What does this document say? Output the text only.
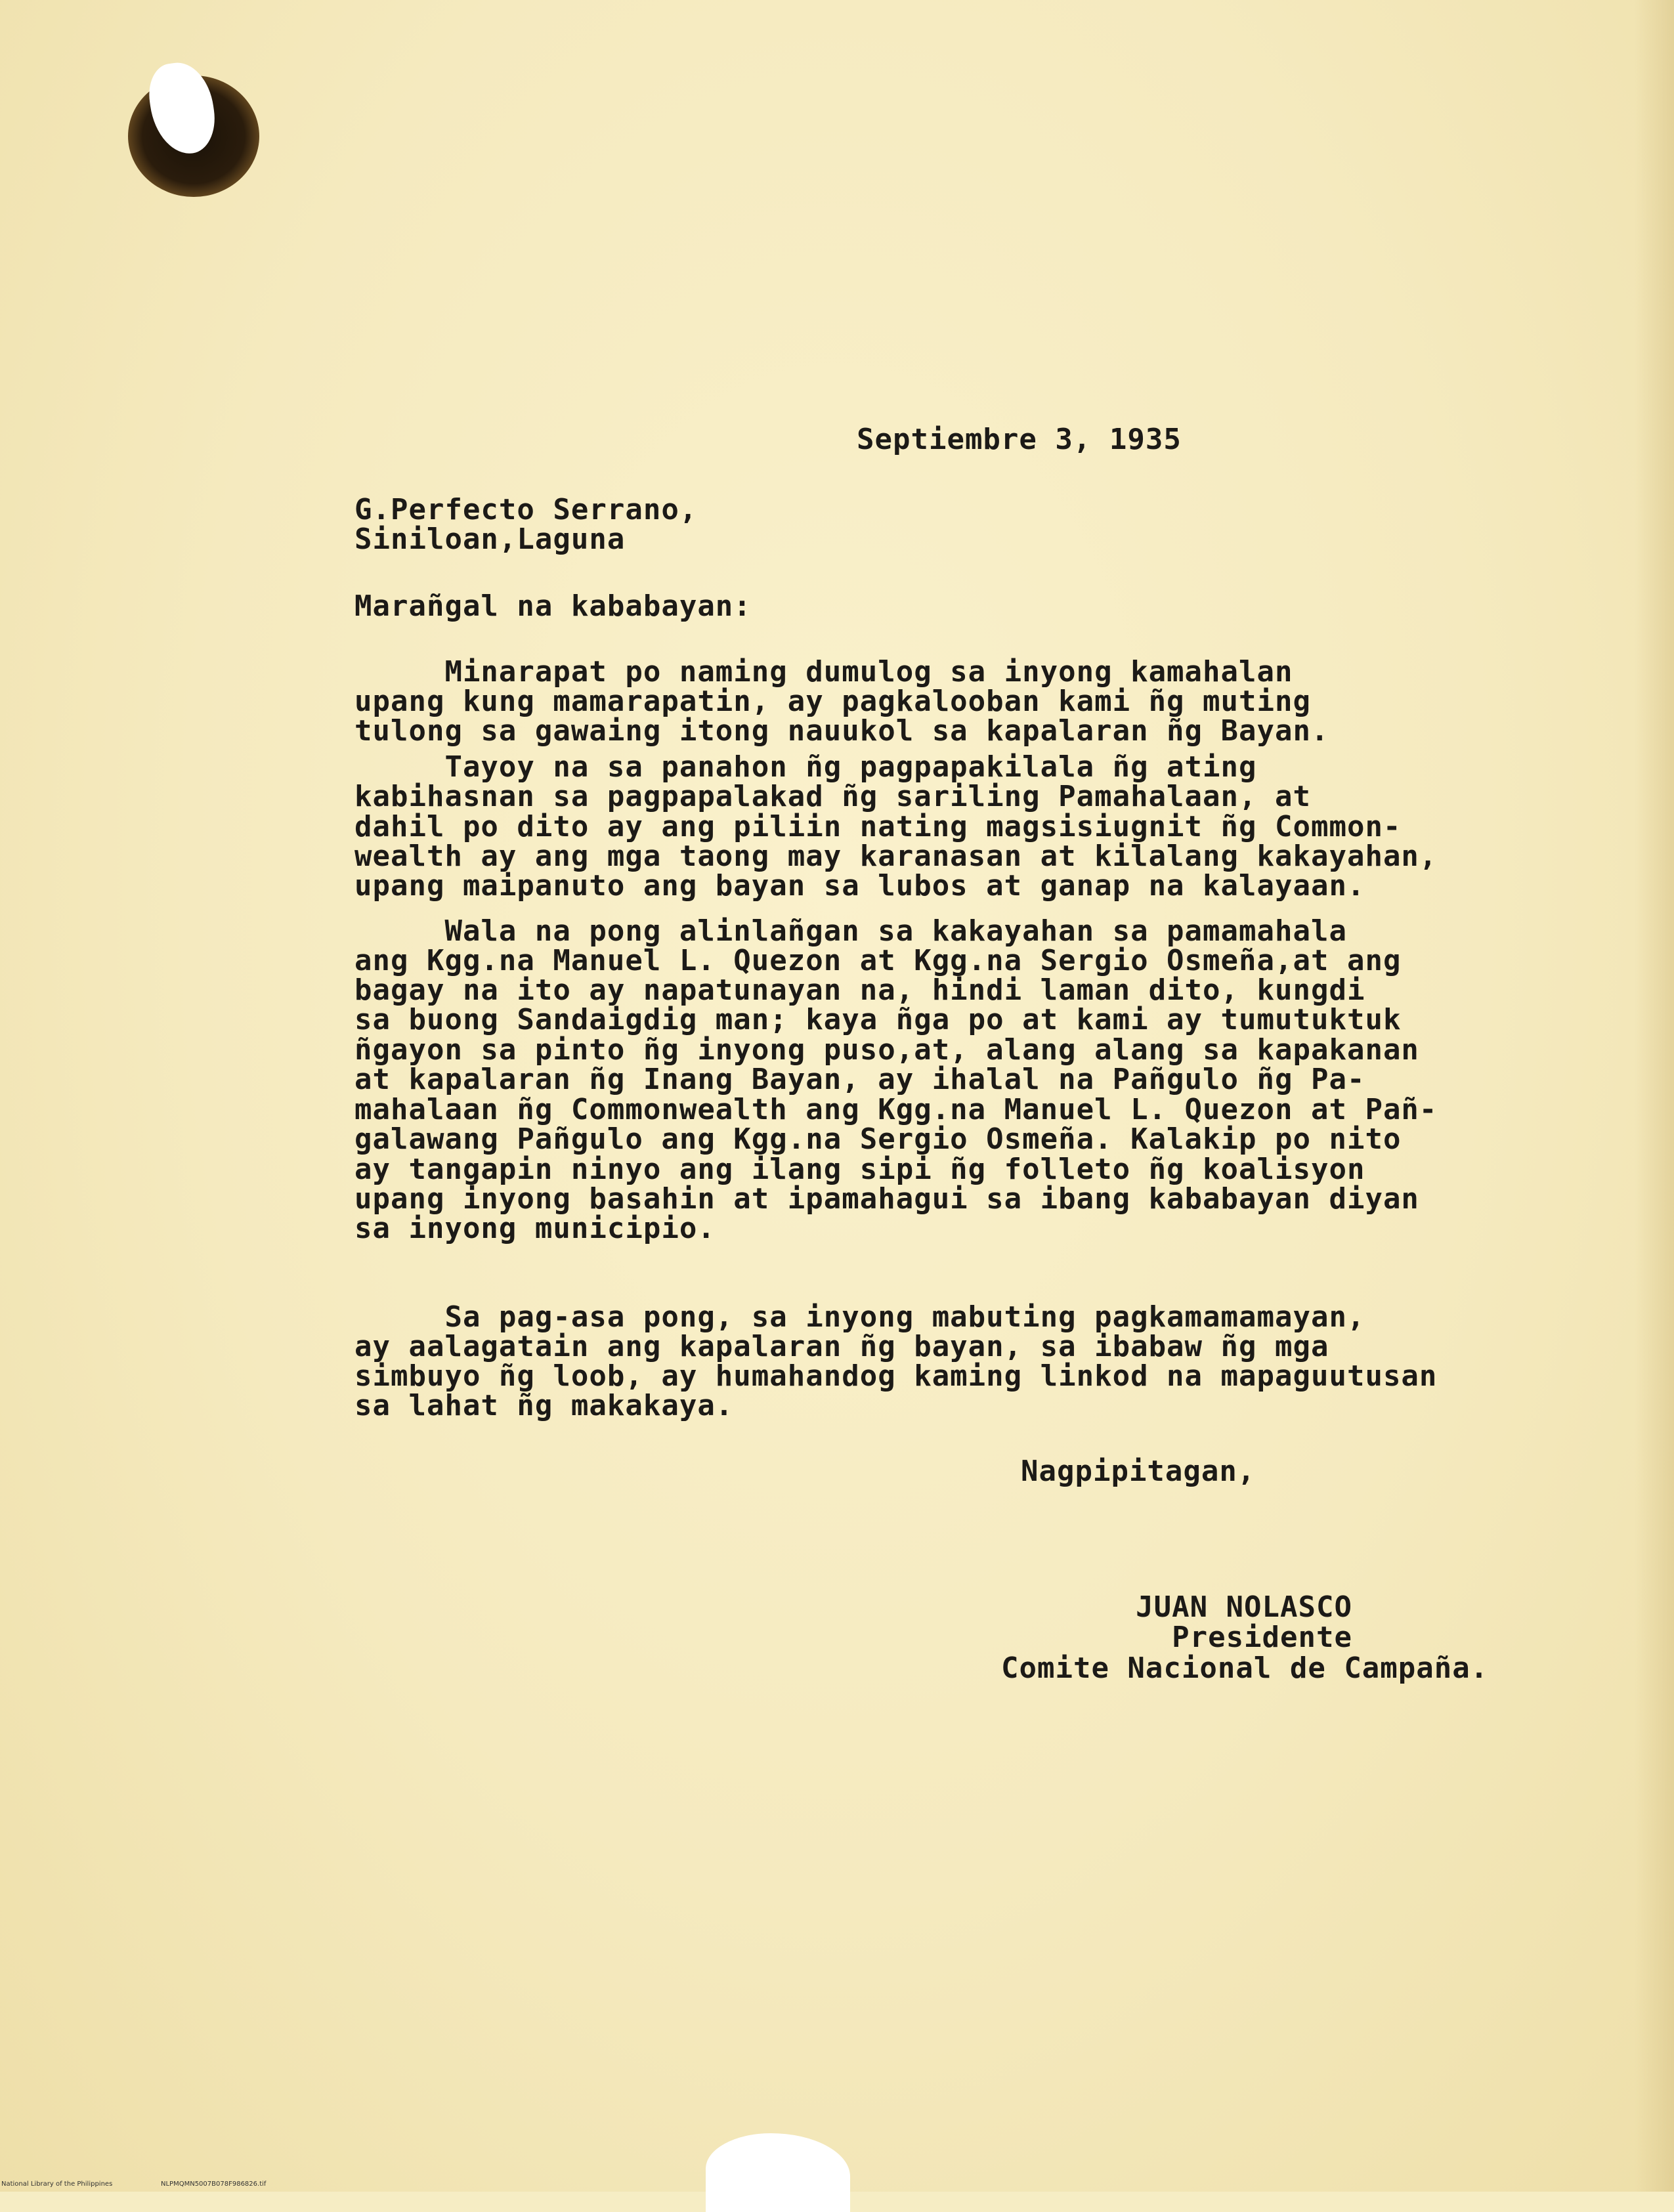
Septiembre 3, 1935
G.Perfecto Serrano,
Siniloan,Laguna
Marañgal na kababayan:
Minarapat po naming dumulog sa inyong kamahalan
upang kung mamarapatin, ay pagkalooban kami ñg muting
tulong sa gawaing itong nauukol sa kapalaran ñg Bayan.
Tayoy na sa panahon ñg pagpapakilala ñg ating
kabihasnan sa pagpapalakad ñg sariling Pamahalaan, at
dahil po dito ay ang piliin nating magsisiugnit ñg Common-
wealth ay ang mga taong may karanasan at kilalang kakayahan,
upang maipanuto ang bayan sa lubos at ganap na kalayaan.
Wala na pong alinlañgan sa kakayahan sa pamamahala
ang Kgg.na Manuel L. Quezon at Kgg.na Sergio Osmeña,at ang
bagay na ito ay napatunayan na, hindi laman dito, kungdi
sa buong Sandaigdig man; kaya ñga po at kami ay tumutuktuk
ñgayon sa pinto ñg inyong puso,at, alang alang sa kapakanan
at kapalaran ñg Inang Bayan, ay ihalal na Pañgulo ñg Pa-
mahalaan ñg Commonwealth ang Kgg.na Manuel L. Quezon at Pañ-
galawang Pañgulo ang Kgg.na Sergio Osmeña. Kalakip po nito
ay tangapin ninyo ang ilang sipi ñg folleto ñg koalisyon
upang inyong basahin at ipamahagui sa ibang kababayan diyan
sa inyong municipio.
Sa pag-asa pong, sa inyong mabuting pagkamamamayan,
ay aalagatain ang kapalaran ñg bayan, sa ibabaw ñg mga
simbuyo ñg loob, ay humahandog kaming linkod na mapaguutusan
sa lahat ñg makakaya.
Nagpipitagan,
JUAN NOLASCO
Presidente
Comite Nacional de Campaña.
National Library of the Philippines	NLPMQMN5007B078F986826.tif
